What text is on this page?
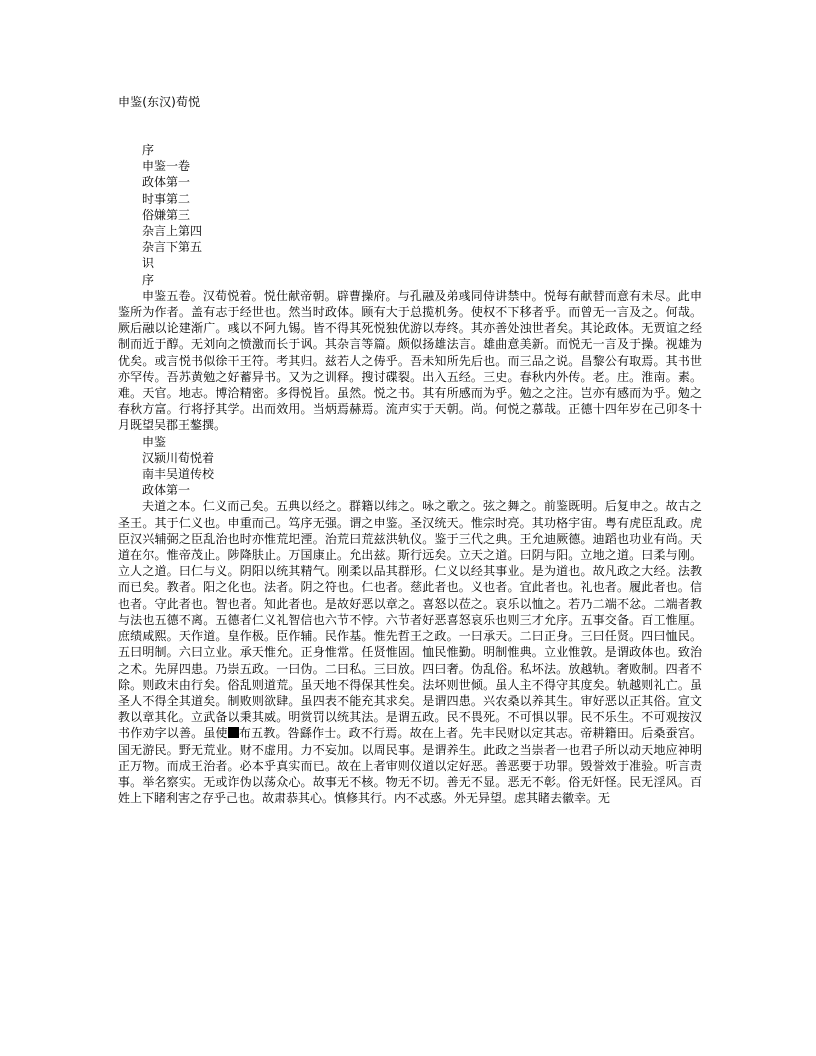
申鉴(东汉)荀悦
序
申鉴一卷
政体第一
时事第二
俗嫌第三
杂言上第四
杂言下第五
识
序

申鉴五卷。汉荀悦着。悦仕献帝朝。辟曹操府。与孔融及弟彧同侍讲禁中。悦每有献替而意有未尽。此申鉴所为作者。盖有志于经世也。然当时政体。顾有大于总揽机务。使权不下移者乎。而曾无一言及之。何哉。厥后融以论建渐广。彧以不阿九锡。皆不得其死悦独优游以寿终。其亦善处浊世者矣。其论政体。无贾谊之经制而近于醇。无刘向之愤激而长于讽。其杂言等篇。颇似扬雄法言。雄曲意美新。而悦无一言及于操。视雄为优矣。或言悦书似徐干王符。考其归。兹若人之俦乎。吾未知所先后也。而三品之说。昌黎公有取焉。其书世亦罕传。吾苏黄勉之好蓄异书。又为之训释。搜讨碟裂。出入五经。三史。春秋内外传。老。庄。淮南。素。难。天官。地志。博洽精密。多得悦旨。虽然。悦之书。其有所感而为乎。勉之之注。岂亦有感而为乎。勉之春秋方富。行将抒其学。出而效用。当炳焉赫焉。流声实于天朝。尚。何悦之慕哉。正德十四年岁在己卯冬十月既望吴郡王鏊撰。

申鉴
汉颍川荀悦着
南丰吴道传校
政体第一

夫道之本。仁义而己矣。五典以经之。群籍以纬之。咏之歌之。弦之舞之。前鉴既明。后复申之。故古之圣王。其于仁义也。申重而己。笃序无强。谓之申鉴。圣汉统天。惟宗时亮。其功格宇宙。粤有虎臣乱政。虎臣汉兴辅弼之臣乱治也时亦惟荒圯湮。治荒曰荒兹洪轨仪。鉴于三代之典。王允迪厥德。迪蹈也功业有尚。天道在尔。惟帝茂止。陟降肤止。万国康止。允出兹。斯行远矣。立天之道。曰阴与阳。立地之道。曰柔与刚。立人之道。曰仁与义。阴阳以统其精气。刚柔以品其群形。仁义以经其事业。是为道也。故凡政之大经。法教而已矣。教者。阳之化也。法者。阴之符也。仁也者。慈此者也。义也者。宜此者也。礼也者。履此者也。信也者。守此者也。智也者。知此者也。是故好恶以章之。喜怒以莅之。哀乐以恤之。若乃二端不忿。二端者教与法也五德不离。五德者仁义礼智信也六节不悖。六节者好恶喜怒哀乐也则三才允序。五事交备。百工惟厘。庶绩咸熙。天作道。皇作极。臣作辅。民作基。惟先哲王之政。一曰承天。二曰正身。三曰任贤。四曰恤民。五曰明制。六曰立业。承天惟允。正身惟常。任贤惟固。恤民惟勤。明制惟典。立业惟敦。是谓政体也。致治之术。先屏四患。乃崇五政。一曰伪。二曰私。三曰放。四曰奢。伪乱俗。私坏法。放越轨。奢败制。四者不除。则政末由行矣。俗乱则道荒。虽天地不得保其性矣。法坏则世倾。虽人主不得守其度矣。轨越则礼亡。虽圣人不得全其道矣。制败则欲肆。虽四表不能充其求矣。是谓四患。兴农桑以养其生。审好恶以正其俗。宣文教以章其化。立武备以秉其威。明赏罚以统其法。是谓五政。民不畏死。不可惧以罪。民不乐生。不可观按汉书作劝字以善。虽使 布五教。咎繇作士。政不行焉。故在上者。先丰民财以定其志。帝耕籍田。后桑蚕宫。国无游民。野无荒业。财不虚用。力不妄加。以周民事。是谓养生。此政之当崇者一也君子所以动天地应神明正万物。而成王治者。必本乎真实而已。故在上者审则仪道以定好恶。善恶要于功罪。毁誉效于准验。听言责事。举名察实。无或诈伪以荡众心。故事无不核。物无不切。善无不显。恶无不彰。俗无奸怪。民无淫风。百姓上下睹利害之存乎己也。故肃恭其心。慎修其行。内不忒惑。外无异望。虑其睹去徽幸。无
